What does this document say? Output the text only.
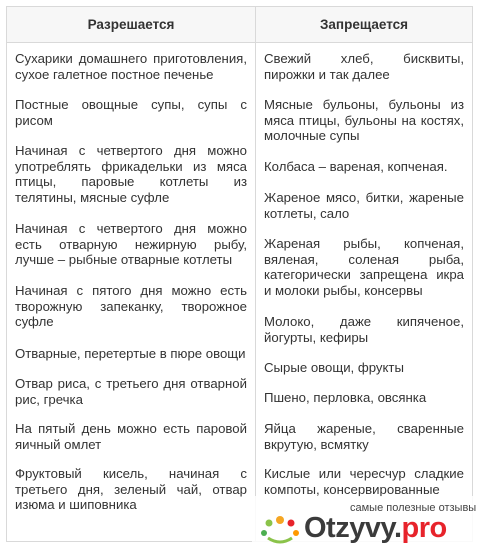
Разрешается
Сухарики домашнего приготовления, сухое галетное постное печенье
Постные овощные супы, супы с рисом
Начиная с четвертого дня можно употреблять фрикадельки из мяса птицы, паровые котлеты из телятины, мясные суфле
Начиная с четвертого дня можно есть отварную нежирную рыбу, лучше – рыбные отварные котлеты
Начиная с пятого дня можно есть творожную запеканку, творожное суфле
Отварные, перетертые в пюре овощи
Отвар риса, с третьего дня отварной рис, гречка
На пятый день можно есть паровой яичный омлет
Фруктовый кисель, начиная с третьего дня, зеленый чай, отвар изюма и шиповника
Запрещается
Свежий хлеб, бисквиты, пирожки и так далее
Мясные бульоны, бульоны из мяса птицы, бульоны на костях, молочные супы
Колбаса – вареная, копченая.
Жареное мясо, битки, жареные котлеты, сало
Жареная рыбы, копченая, вяленая, соленая рыба, категорически запрещена икра и молоки рыбы, консервы
Молоко, даже кипяченое, йогурты, кефиры
Сырые овощи, фрукты
Пшено, перловка, овсянка
Яйца жареные, сваренные вкрутую, всмятку
Кислые или чересчур сладкие компоты, консервированные
самые полезные отзывы
Otzyvy.pro
